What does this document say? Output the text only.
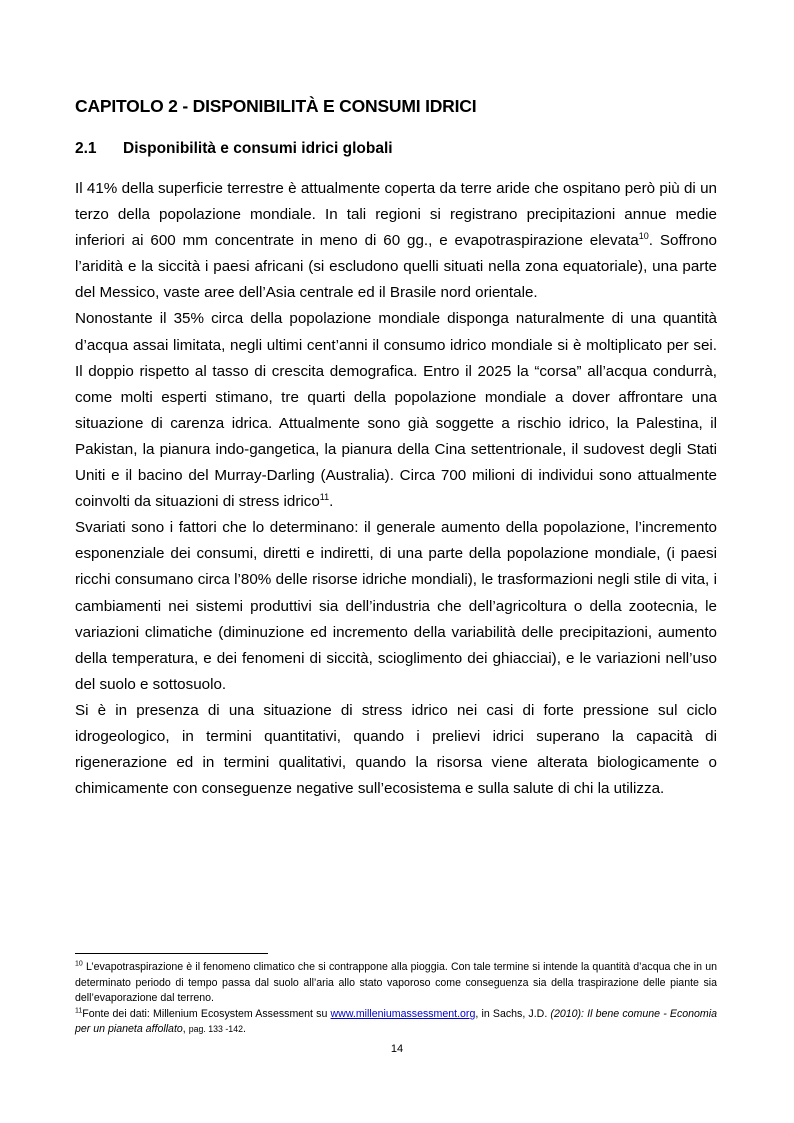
CAPITOLO 2 - DISPONIBILITÀ E CONSUMI IDRICI
2.1 Disponibilità e consumi idrici globali

Il 41% della superficie terrestre è attualmente coperta da terre aride che ospitano però più di un terzo della popolazione mondiale. In tali regioni si registrano precipitazioni annue medie inferiori ai 600 mm concentrate in meno di 60 gg., e evapotraspirazione elevata$^{10}$. Soffrono l’aridità e la siccità i paesi africani (si escludono quelli situati nella zona equatoriale), una parte del Messico, vaste aree dell’Asia centrale ed il Brasile nord orientale.

Nonostante il 35% circa della popolazione mondiale disponga naturalmente di una quantità d’acqua assai limitata, negli ultimi cent’anni il consumo idrico mondiale si è moltiplicato per sei. Il doppio rispetto al tasso di crescita demografica. Entro il 2025 la “corsa” all’acqua condurrà, come molti esperti stimano, tre quarti della popolazione mondiale a dover affrontare una situazione di carenza idrica. Attualmente sono già soggette a rischio idrico, la Palestina, il Pakistan, la pianura indo-gangetica, la pianura della Cina settentrionale, il sudovest degli Stati Uniti e il bacino del Murray-Darling (Australia). Circa 700 milioni di individui sono attualmente coinvolti da situazioni di stress idrico$^{11}$.

Svariati sono i fattori che lo determinano: il generale aumento della popolazione, l’incremento esponenziale dei consumi, diretti e indiretti, di una parte della popolazione mondiale, (i paesi ricchi consumano circa l’80% delle risorse idriche mondiali), le trasformazioni negli stile di vita, i cambiamenti nei sistemi produttivi sia dell’industria che dell’agricoltura o della zootecnia, le variazioni climatiche (diminuzione ed incremento della variabilità delle precipitazioni, aumento della temperatura, e dei fenomeni di siccità, scioglimento dei ghiacciai), e le variazioni nell’uso del suolo e sottosuolo.

Si è in presenza di una situazione di stress idrico nei casi di forte pressione sul ciclo idrogeologico, in termini quantitativi, quando i prelievi idrici superano la capacità di rigenerazione ed in termini qualitativi, quando la risorsa viene alterata biologicamente o chimicamente con conseguenze negative sull’ecosistema e sulla salute di chi la utilizza.

$^{10}$ L’evapotraspirazione è il fenomeno climatico che si contrappone alla pioggia. Con tale termine si intende la quantità d’acqua che in un determinato periodo di tempo passa dal suolo all’aria allo stato vaporoso come conseguenza sia della traspirazione delle piante sia dell’evaporazione dal terreno.

$^{11}$Fonte dei dati: Millenium Ecosystem Assessment su www.milleniumassessment.org, in Sachs, J.D. (2010): Il bene comune - Economia per un pianeta affollato, pag. 133 -142.

14
